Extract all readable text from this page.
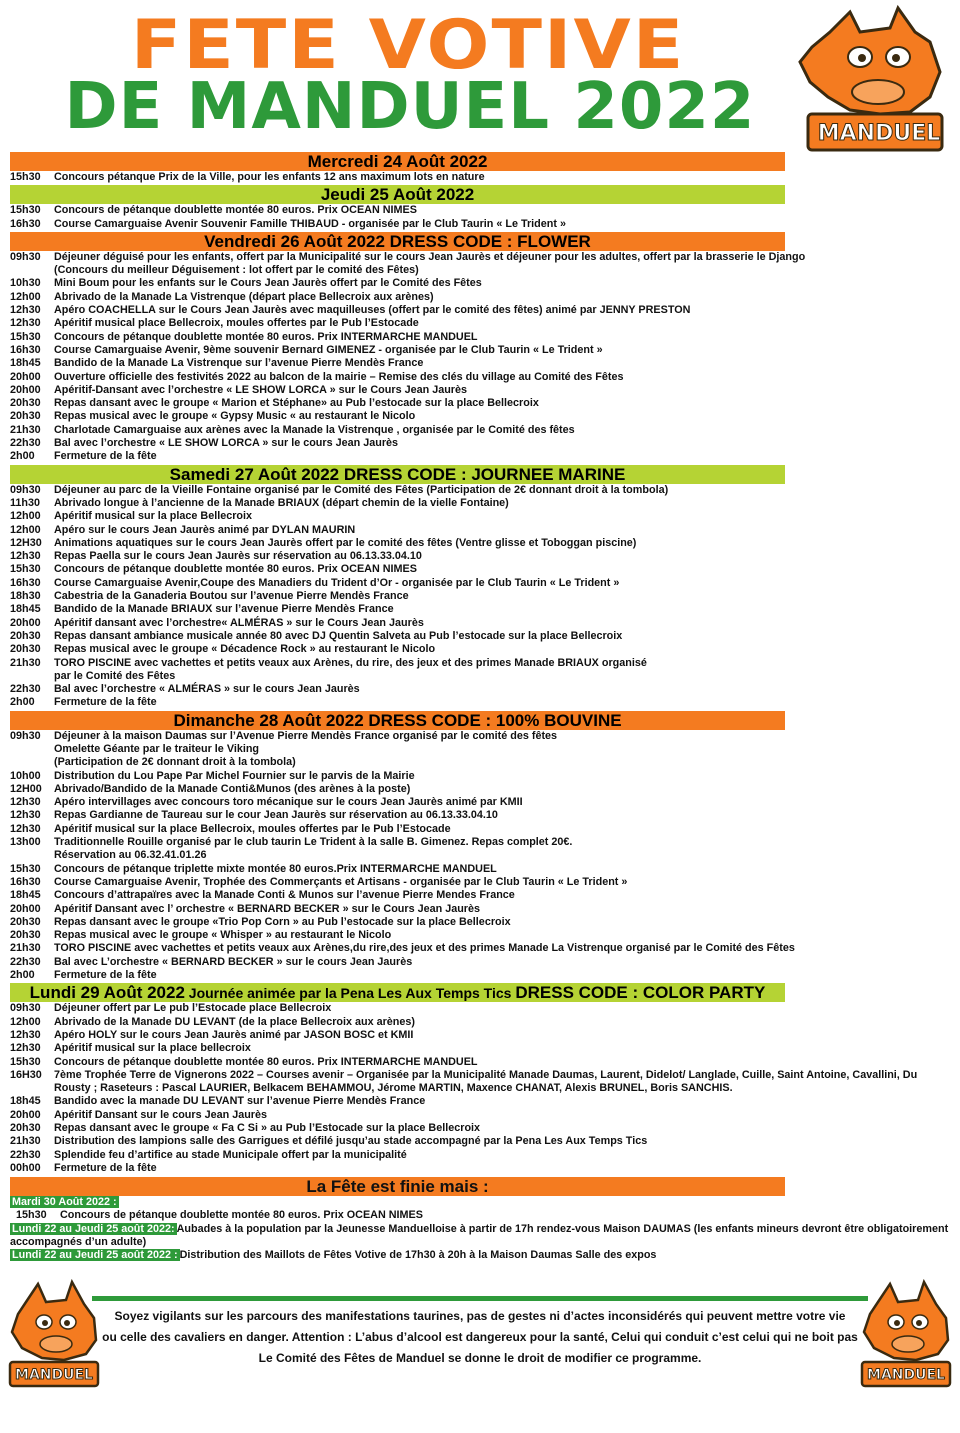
FETE VOTIVE
DE MANDUEL 2022	MANDUEL
Mercredi 24 Août 2022
15h30	Concours pétanque Prix de la Ville, pour les enfants 12 ans maximum lots en nature
Jeudi 25 Août 2022
15h30	Concours de pétanque doublette montée 80 euros. Prix OCEAN NIMES
16h30	Course Camarguaise Avenir Souvenir Famille THIBAUD - organisée par le Club Taurin « Le Trident »
Vendredi 26 Août 2022 DRESS CODE : FLOWER
09h30	Déjeuner déguisé pour les enfants, offert par la Municipalité sur le cours Jean Jaurès et déjeuner pour les adultes, offert par la brasserie le Django
(Concours du meilleur Déguisement : lot offert par le comité des Fêtes)
10h30	Mini Boum pour les enfants sur le Cours Jean Jaurès offert par le Comité des Fêtes
12h00	Abrivado de la Manade La Vistrenque (départ place Bellecroix aux arènes)
12h30	Apéro COACHELLA sur le Cours Jean Jaurès avec maquilleuses (offert par le comité des fêtes) animé par JENNY PRESTON
12h30	Apéritif musical place Bellecroix, moules offertes par le Pub l’Estocade
15h30	Concours de pétanque doublette montée 80 euros. Prix INTERMARCHE MANDUEL
16h30	Course Camarguaise Avenir, 9ème souvenir Bernard GIMENEZ - organisée par le Club Taurin « Le Trident »
18h45	Bandido de la Manade La Vistrenque sur l’avenue Pierre Mendès France
20h00	Ouverture officielle des festivités 2022 au balcon de la mairie – Remise des clés du village au Comité des Fêtes
20h00	Apéritif-Dansant avec l’orchestre « LE SHOW LORCA » sur le Cours Jean Jaurès
20h30	Repas dansant avec le groupe « Marion et Stéphane» au Pub l’estocade sur la place Bellecroix
20h30	Repas musical avec le groupe « Gypsy Music « au restaurant le Nicolo
21h30	Charlotade Camarguaise aux arènes avec la Manade la Vistrenque , organisée par le Comité des fêtes
22h30	Bal avec l’orchestre « LE SHOW LORCA » sur le cours Jean Jaurès
2h00	Fermeture de la fête
Samedi 27 Août 2022 DRESS CODE : JOURNEE MARINE
09h30	Déjeuner au parc de la Vieille Fontaine organisé par le Comité des Fêtes (Participation de 2€ donnant droit à la tombola)
11h30	Abrivado longue à l’ancienne de la Manade BRIAUX (départ chemin de la vielle Fontaine)
12h00	Apéritif musical sur la place Bellecroix
12h00	Apéro sur le cours Jean Jaurès animé par DYLAN MAURIN
12H30	Animations aquatiques sur le cours Jean Jaurès offert par le comité des fêtes (Ventre glisse et Toboggan piscine)
12h30	Repas Paella sur le cours Jean Jaurès sur réservation au 06.13.33.04.10
15h30	Concours de pétanque doublette montée 80 euros. Prix OCEAN NIMES
16h30	Course Camarguaise Avenir,Coupe des Manadiers du Trident d’Or - organisée par le Club Taurin « Le Trident »
18h30	Cabestria de la Ganaderia Boutou sur l’avenue Pierre Mendès France
18h45	Bandido de la Manade BRIAUX sur l’avenue Pierre Mendès France
20h00	Apéritif dansant avec l’orchestre« ALMÉRAS » sur le Cours Jean Jaurès
20h30	Repas dansant ambiance musicale année 80 avec DJ Quentin Salveta au Pub l’estocade sur la place Bellecroix
20h30	Repas musical avec le groupe « Décadence Rock » au restaurant le Nicolo
21h30	TORO PISCINE avec vachettes et petits veaux aux Arènes, du rire, des jeux et des primes Manade BRIAUX organisé
par le Comité des Fêtes
22h30	Bal avec l’orchestre « ALMÉRAS » sur le cours Jean Jaurès
2h00	Fermeture de la fête
Dimanche 28 Août 2022 DRESS CODE : 100% BOUVINE
09h30	Déjeuner à la maison Daumas sur l’Avenue Pierre Mendès France organisé par le comité des fêtes
Omelette Géante par le traiteur le Viking
(Participation de 2€ donnant droit à la tombola)
10h00	Distribution du Lou Pape Par Michel Fournier sur le parvis de la Mairie
12H00	Abrivado/Bandido de la Manade Conti&Munos (des arènes à la poste)
12h30	Apéro intervillages avec concours toro mécanique sur le cours Jean Jaurès animé par KMII
12h30	Repas Gardianne de Taureau sur le cour Jean Jaurès sur réservation au 06.13.33.04.10
12h30	Apéritif musical sur la place Bellecroix, moules offertes par le Pub l’Estocade
13h00	Traditionnelle Rouille organisé par le club taurin Le Trident à la salle B. Gimenez. Repas complet 20€.
Réservation au 06.32.41.01.26
15h30	Concours de pétanque triplette mixte montée 80 euros.Prix INTERMARCHE MANDUEL
16h30	Course Camarguaise Avenir, Trophée des Commerçants et Artisans - organisée par le Club Taurin « Le Trident »
18h45	Concours d’attrapaïres avec la Manade Conti & Munos sur l’avenue Pierre Mendes France
20h00	Apéritif Dansant avec l’ orchestre « BERNARD BECKER » sur le Cours Jean Jaurès
20h30	Repas dansant avec le groupe «Trio Pop Corn » au Pub l’estocade sur la place Bellecroix
20h30	Repas musical avec le groupe « Whisper » au restaurant le Nicolo
21h30	TORO PISCINE avec vachettes et petits veaux aux Arènes,du rire,des jeux et des primes Manade La Vistrenque organisé par le Comité des Fêtes
22h30	Bal avec L’orchestre « BERNARD BECKER » sur le cours Jean Jaurès
2h00	Fermeture de la fête
Lundi 29 Août 2022 Journée animée par la Pena Les Aux Temps Tics DRESS CODE : COLOR PARTY
09h30	Déjeuner offert par Le pub l’Estocade place Bellecroix
12h00	Abrivado de la Manade DU LEVANT (de la place Bellecroix aux arènes)
12h30	Apéro HOLY sur le cours Jean Jaurès animé par JASON BOSC et KMII
12h30	Apéritif musical sur la place bellecroix
15h30	Concours de pétanque doublette montée 80 euros. Prix INTERMARCHE MANDUEL
16H30	7ème Trophée Terre de Vignerons 2022 – Courses avenir – Organisée par la Municipalité Manade Daumas, Laurent, Didelot/ Langlade, Cuille, Saint Antoine, Cavallini, Du Rousty ; Raseteurs : Pascal LAURIER, Belkacem BEHAMMOU, Jérome MARTIN, Maxence CHANAT, Alexis BRUNEL, Boris SANCHIS.
18h45	Bandido avec la manade DU LEVANT sur l’avenue Pierre Mendès France
20h00	Apéritif Dansant sur le cours Jean Jaurès
20h30	Repas dansant avec le groupe « Fa C Si » au Pub l’Estocade sur la place Bellecroix
21h30	Distribution des lampions salle des Garrigues et défilé jusqu’au stade accompagné par la Pena Les Aux Temps Tics
22h30	Splendide feu d’artifice au stade Municipale offert par la municipalité
00h00	Fermeture de la fête
La Fête est finie mais :
Mardi 30 Août 2022 :
15h30	Concours de pétanque doublette montée 80 euros. Prix OCEAN NIMES
Lundi 22 au Jeudi 25 août 2022: Aubades à la population par la Jeunesse Manduelloise à partir de 17h rendez-vous Maison DAUMAS (les enfants mineurs devront être obligatoirement accompagnés d’un adulte)
Lundi 22 au Jeudi 25 août 2022 : Distribution des Maillots de Fêtes Votive de 17h30 à 20h à la Maison Daumas Salle des expos
MANDUEL	MANDUEL
Soyez vigilants sur les parcours des manifestations taurines, pas de gestes ni d’actes inconsidérés qui peuvent mettre votre vie
ou celle des cavaliers en danger. Attention : L’abus d’alcool est dangereux pour la santé, Celui qui conduit c’est celui qui ne boit pas
Le Comité des Fêtes de Manduel se donne le droit de modifier ce programme.
